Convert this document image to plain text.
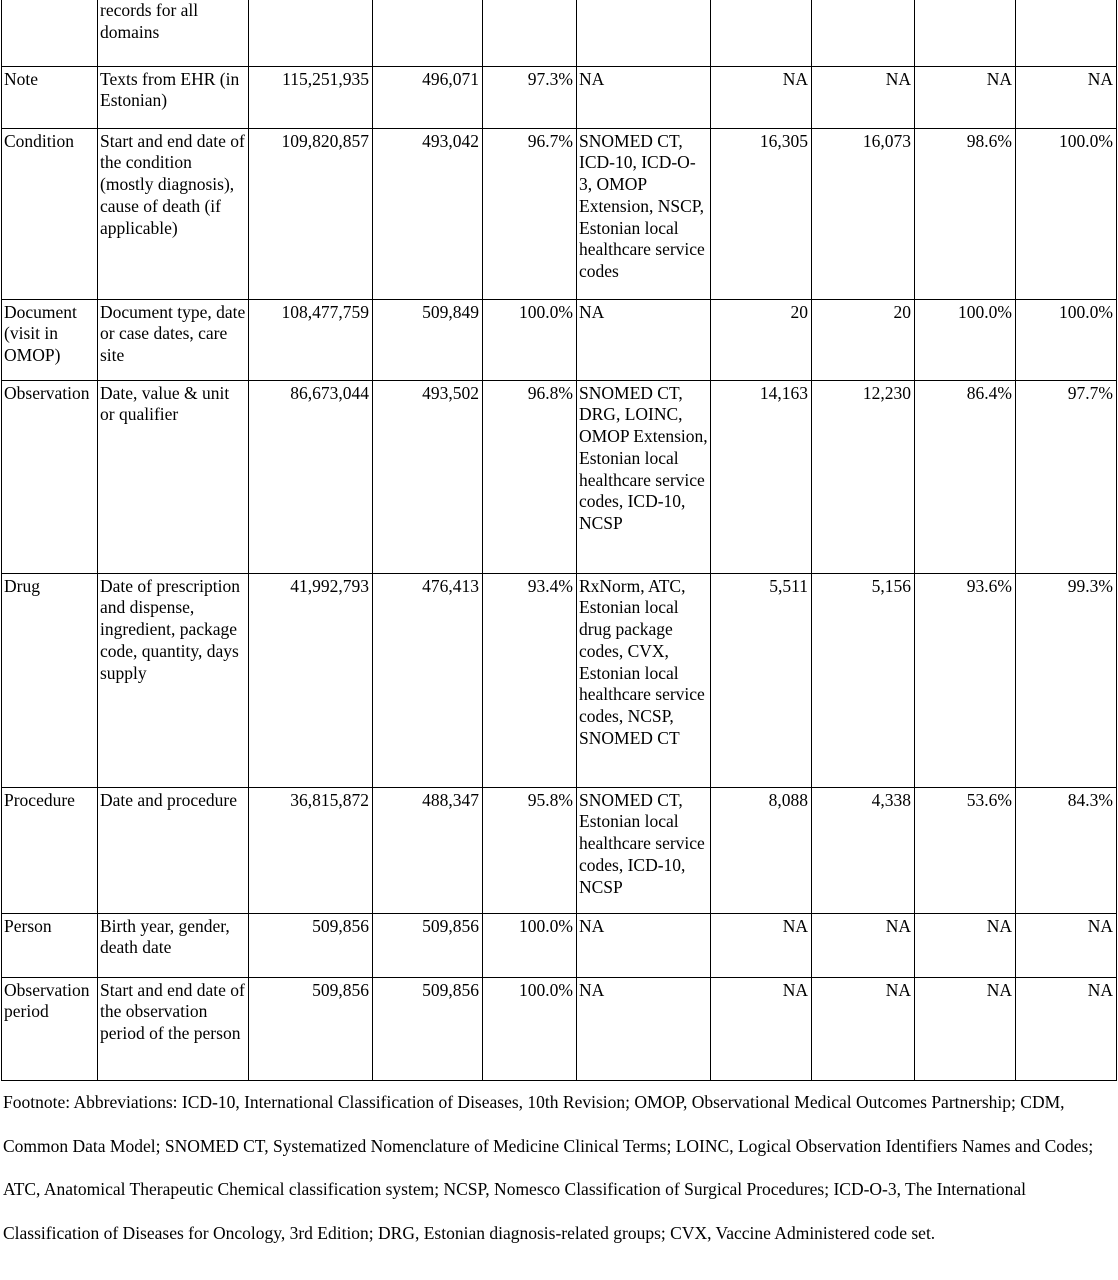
	records for all domains								
Note	Texts from EHR (in Estonian)	115,251,935	496,071	97.3%	NA	NA	NA	NA	NA
Condition	Start and end date of the condition (mostly diagnosis), cause of death (if applicable)	109,820,857	493,042	96.7%	SNOMED CT, ICD-10, ICD-O-3, OMOP Extension, NSCP, Estonian local healthcare service codes	16,305	16,073	98.6%	100.0%
Document (visit in OMOP)	Document type, date or case dates, care site	108,477,759	509,849	100.0%	NA	20	20	100.0%	100.0%
Observation	Date, value & unit or qualifier	86,673,044	493,502	96.8%	SNOMED CT, DRG, LOINC, OMOP Extension, Estonian local healthcare service codes, ICD-10, NCSP	14,163	12,230	86.4%	97.7%
Drug	Date of prescription and dispense, ingredient, package code, quantity, days supply	41,992,793	476,413	93.4%	RxNorm, ATC, Estonian local drug package codes, CVX, Estonian local healthcare service codes, NCSP, SNOMED CT	5,511	5,156	93.6%	99.3%
Procedure	Date and procedure	36,815,872	488,347	95.8%	SNOMED CT, Estonian local healthcare service codes, ICD-10, NCSP	8,088	4,338	53.6%	84.3%
Person	Birth year, gender, death date	509,856	509,856	100.0%	NA	NA	NA	NA	NA
Observation period	Start and end date of the observation period of the person	509,856	509,856	100.0%	NA	NA	NA	NA	NA
Footnote: Abbreviations: ICD-10, International Classification of Diseases, 10th Revision; OMOP, Observational Medical Outcomes Partnership; CDM, Common Data Model; SNOMED CT, Systematized Nomenclature of Medicine Clinical Terms; LOINC, Logical Observation Identifiers Names and Codes; ATC, Anatomical Therapeutic Chemical classification system; NCSP, Nomesco Classification of Surgical Procedures; ICD-O-3, The International Classification of Diseases for Oncology, 3rd Edition; DRG, Estonian diagnosis-related groups; CVX, Vaccine Administered code set.
